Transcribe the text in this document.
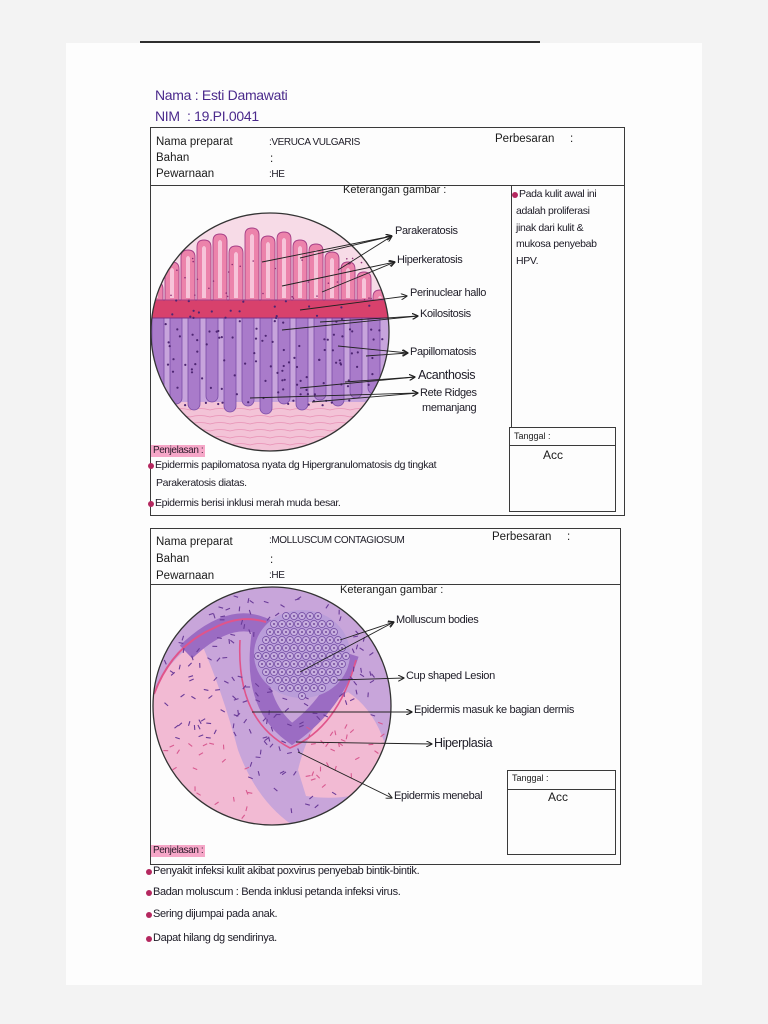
Nama : Esti Damawati
NIM  : 19.PI.0041
Nama preparat	:VERUCA VULGARIS	Perbesaran :
Bahan	:
Pewarnaan	:HE
Keterangan gambar :
Parakeratosis
Hiperkeratosis
Perinuclear hallo
Koilositosis
Papillomatosis
Acanthosis
Rete Ridges
memanjang
Pada kulit awal ini
adalah proliferasi
jinak dari kulit &
mukosa penyebab
HPV.
Tanggal :
Acc
Penjelasan :
Epidermis papilomatosa nyata dg Hipergranulomatosis dg tingkat
Parakeratosis diatas.
Epidermis berisi inklusi merah muda besar.
Nama preparat	:MOLLUSCUM CONTAGIOSUM	Perbesaran :
Bahan	:
Pewarnaan	:HE
Keterangan gambar :
Molluscum bodies
Cup shaped Lesion
Epidermis masuk ke bagian dermis
Hiperplasia
Epidermis menebal
Tanggal :
Acc
Penjelasan :
Penyakit infeksi kulit akibat poxvirus penyebab bintik-bintik.
Badan moluscum : Benda inklusi petanda infeksi virus.
Sering dijumpai pada anak.
Dapat hilang dg sendirinya.
